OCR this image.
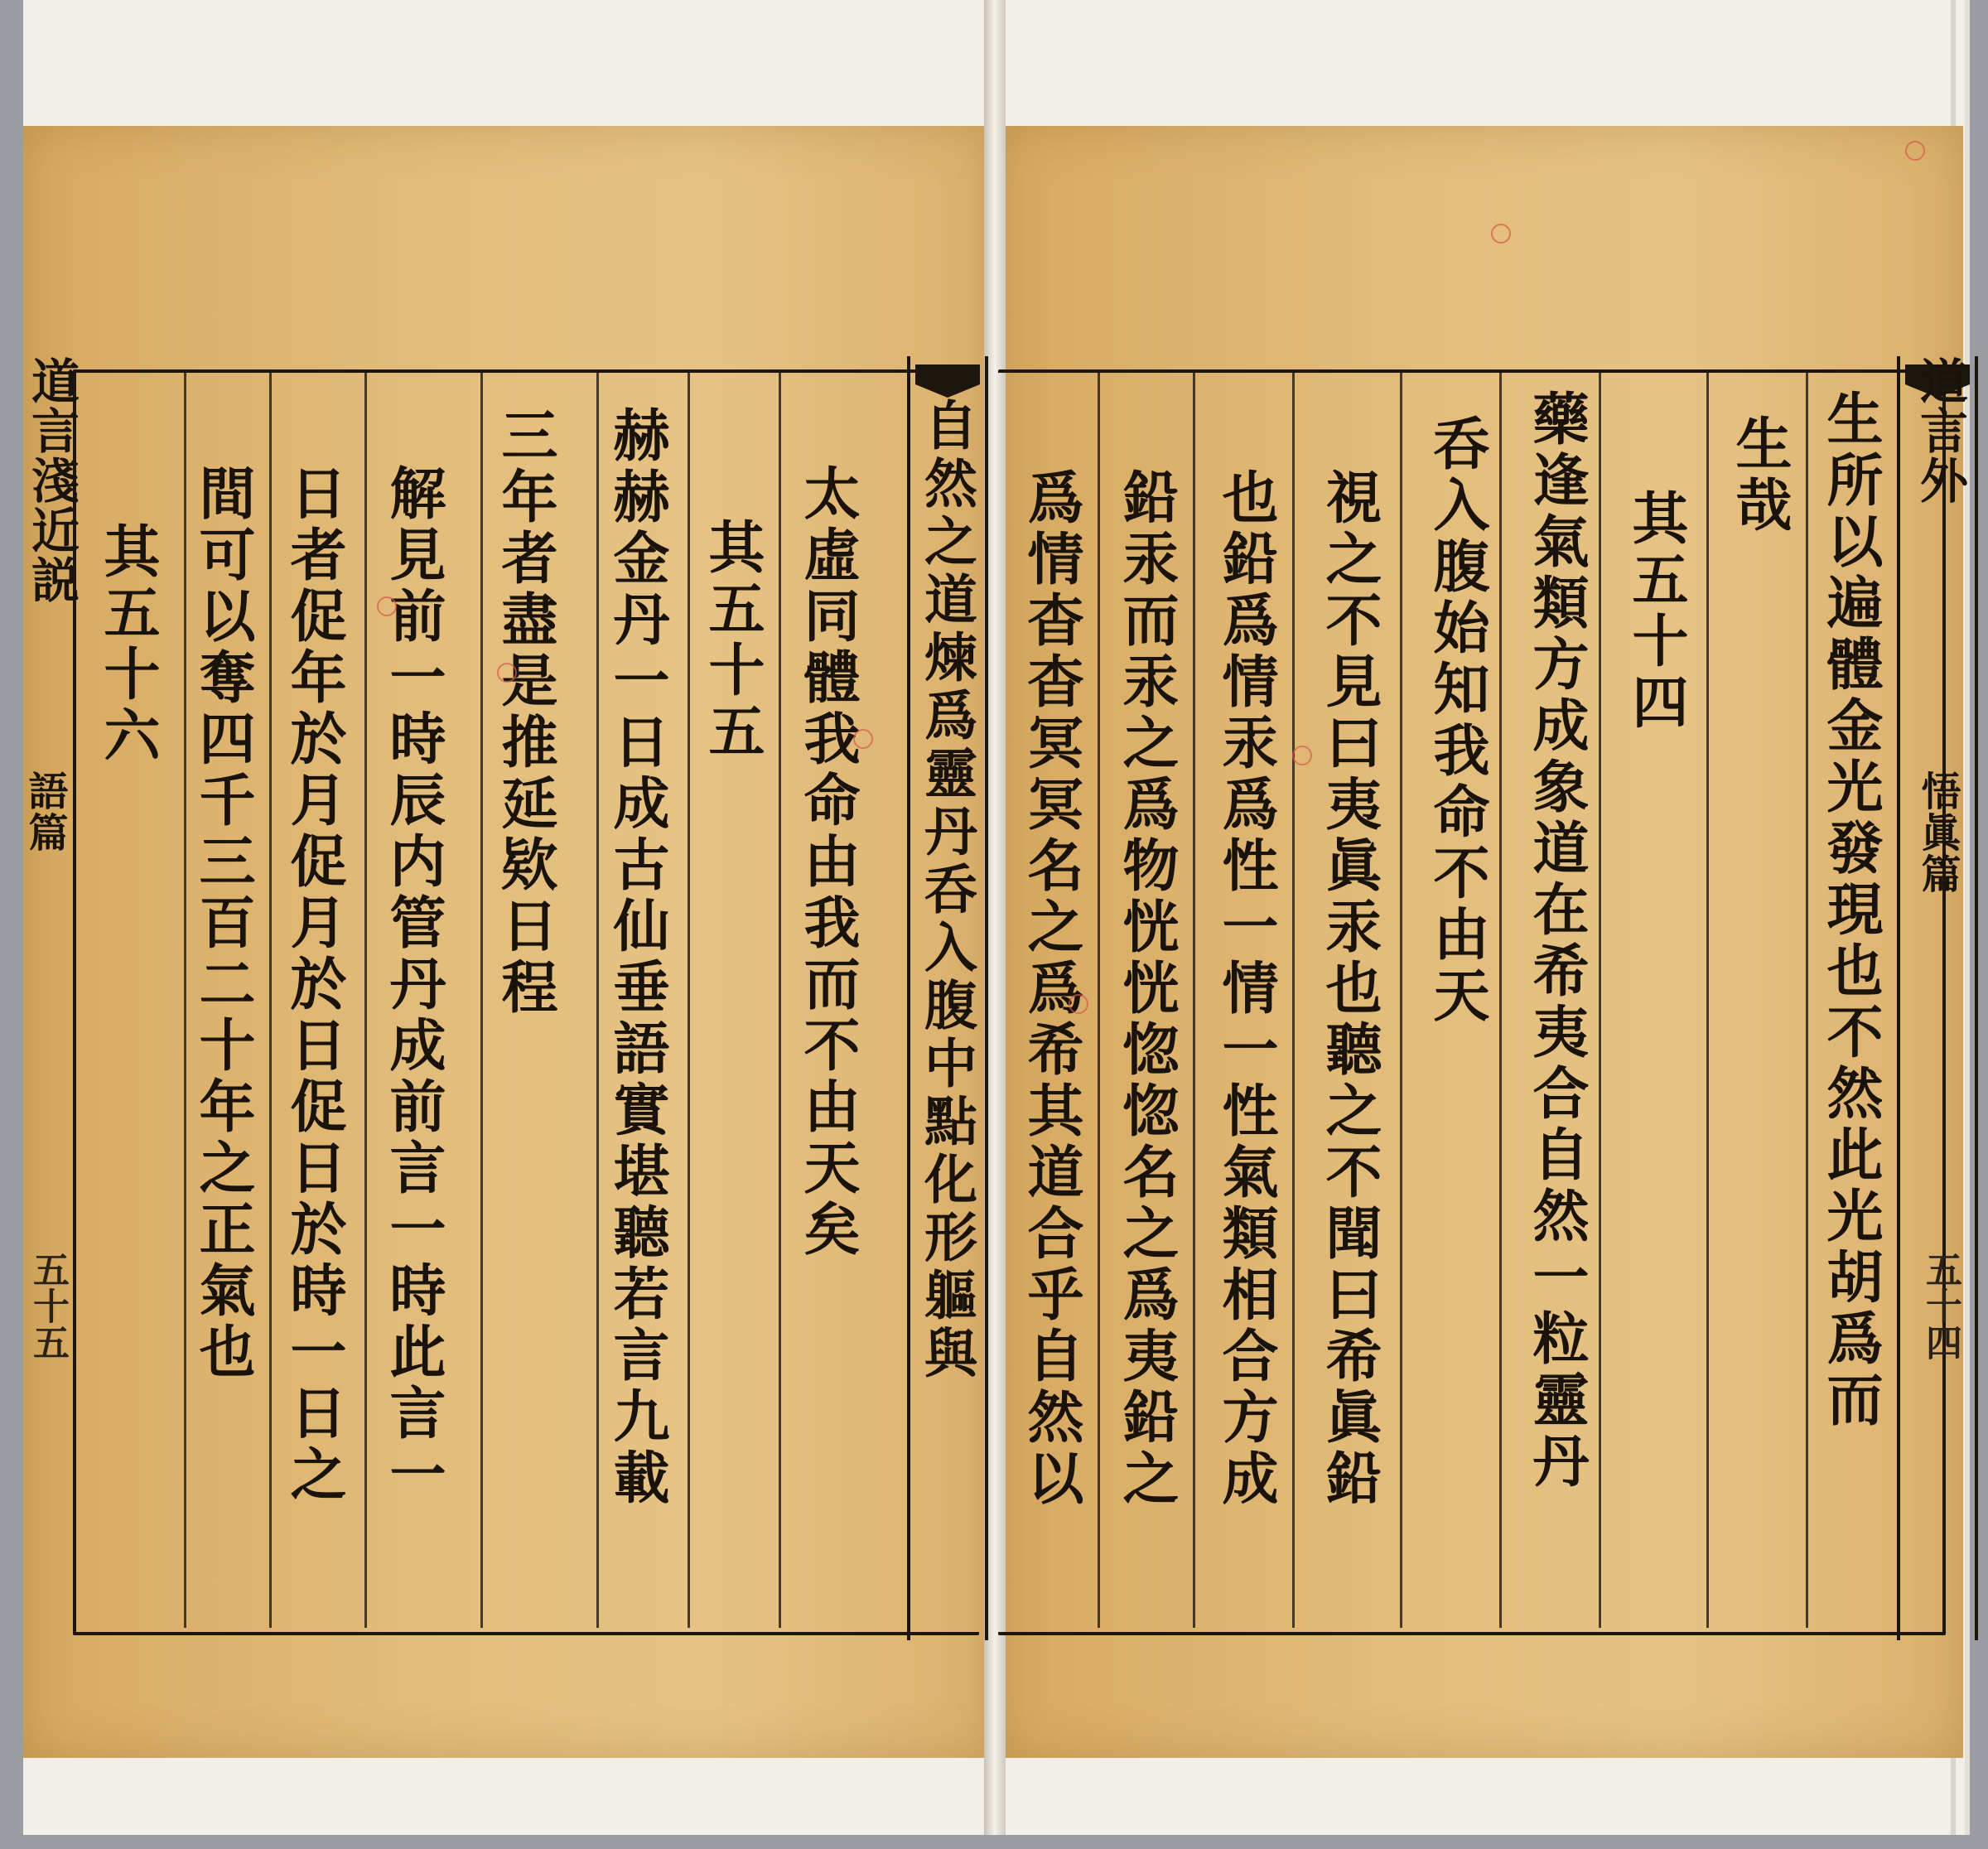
道言淺近説
語篇
五十五
道言外
悟眞篇
五十四
生所以遍體金光發現也不然此光胡爲而
生哉
其五十四
藥逢氣類方成象道在希夷合自然一粒靈丹
呑入腹始知我命不由天
視之不見曰夷眞汞也聽之不聞曰希眞鉛
也鉛爲情汞爲性一情一性氣類相合方成
鉛汞而汞之爲物恍恍惚惚名之爲夷鉛之
爲情杳杳冥冥名之爲希其道合乎自然以
自然之道煉爲靈丹呑入腹中點化形軀與
太虛同體我命由我而不由天矣
其五十五
赫赫金丹一日成古仙垂語實堪聽若言九載
三年者盡是推延欵日程
解見前一時辰内管丹成前言一時此言一
日者促年於月促月於日促日於時一日之
間可以奪四千三百二十年之正氣也
其五十六
